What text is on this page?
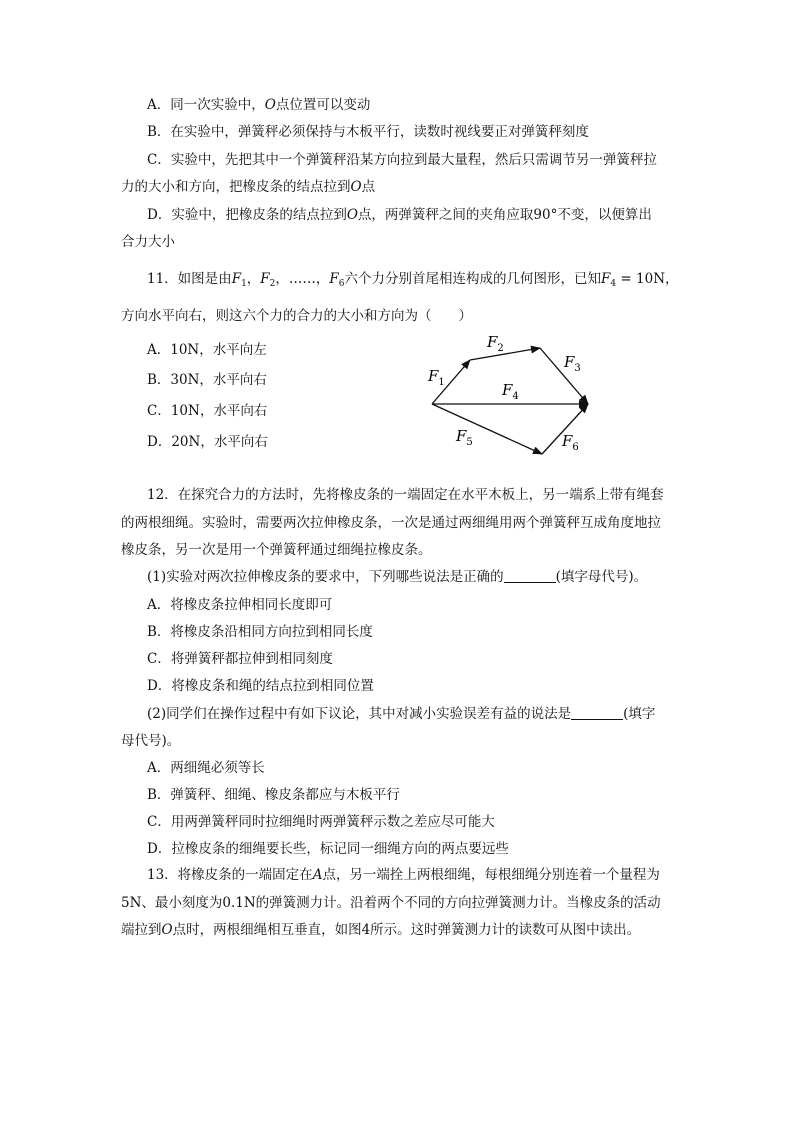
A．同一次实验中，O点位置可以变动
B．在实验中，弹簧秤必须保持与木板平行，读数时视线要正对弹簧秤刻度
C．实验中，先把其中一个弹簧秤沿某方向拉到最大量程，然后只需调节另一弹簧秤拉
力的大小和方向，把橡皮条的结点拉到O点
D．实验中，把橡皮条的结点拉到O点，两弹簧秤之间的夹角应取90°不变，以便算出
合力大小
11．如图是由$F_1$，$F_2$，……，$F_6$六个力分别首尾相连构成的几何图形，已知$F_4 = 10N$，
方向水平向右，则这六个力的合力的大小和方向为（　　）
A．10N，水平向左
B．30N，水平向右
C．10N，水平向右
D．20N，水平向右
$F_1$
$F_2$
$F_3$
$F_4$
$F_5$	$F_6$
12．在探究合力的方法时，先将橡皮条的一端固定在水平木板上，另一端系上带有绳套
的两根细绳。实验时，需要两次拉伸橡皮条，一次是通过两细绳用两个弹簧秤互成角度地拉
橡皮条，另一次是用一个弹簧秤通过细绳拉橡皮条。
(1)实验对两次拉伸橡皮条的要求中，下列哪些说法是正确的	(填字母代号)。
A．将橡皮条拉伸相同长度即可
B．将橡皮条沿相同方向拉到相同长度
C．将弹簧秤都拉伸到相同刻度
D．将橡皮条和绳的结点拉到相同位置
(2)同学们在操作过程中有如下议论，其中对减小实验误差有益的说法是	(填字
母代号)。
A．两细绳必须等长
B．弹簧秤、细绳、橡皮条都应与木板平行
C．用两弹簧秤同时拉细绳时两弹簧秤示数之差应尽可能大
D．拉橡皮条的细绳要长些，标记同一细绳方向的两点要远些
13．将橡皮条的一端固定在A点，另一端拴上两根细绳，每根细绳分别连着一个量程为
5N、最小刻度为0.1N的弹簧测力计。沿着两个不同的方向拉弹簧测力计。当橡皮条的活动
端拉到O点时，两根细绳相互垂直，如图4所示。这时弹簧测力计的读数可从图中读出。
